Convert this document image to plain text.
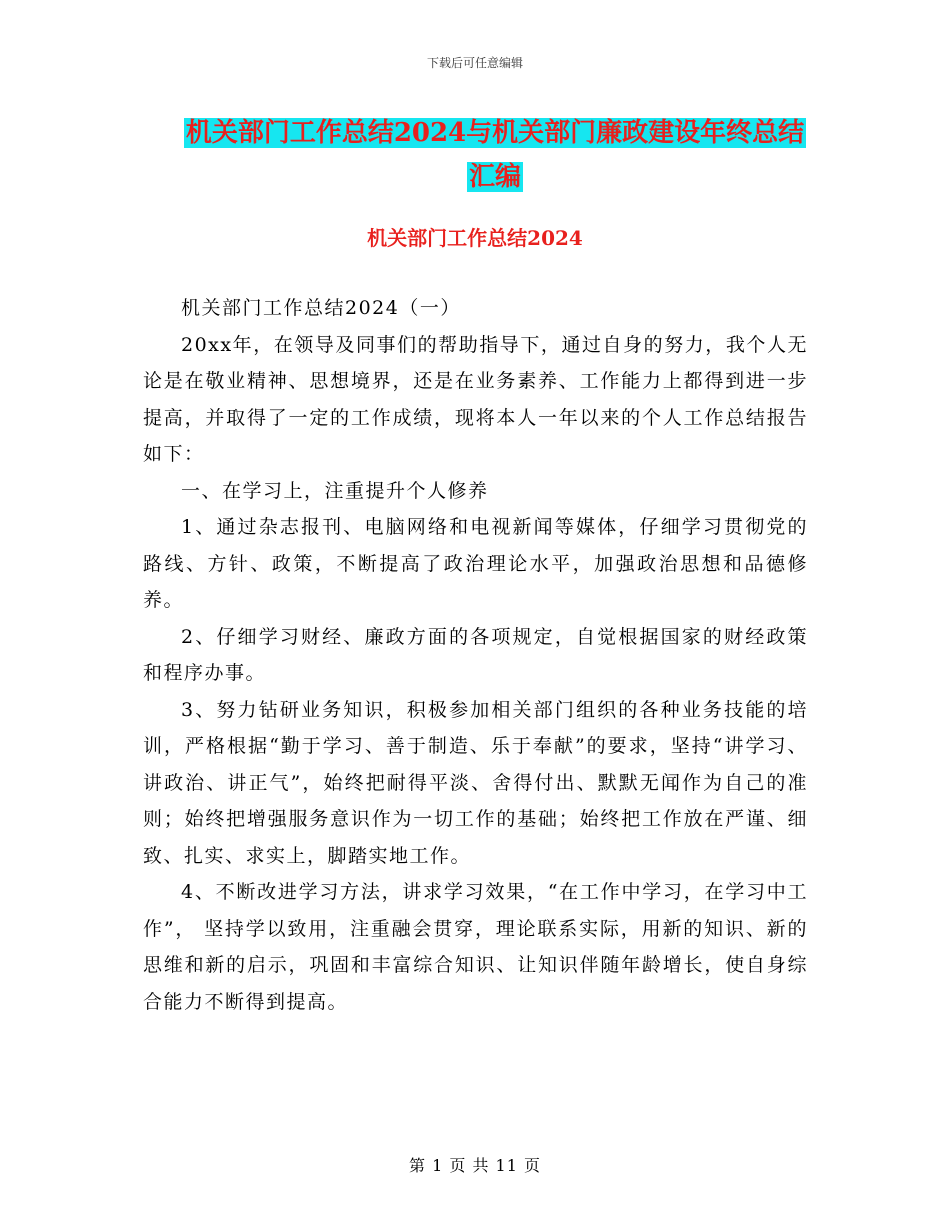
下载后可任意编辑
机关部门工作总结2024与机关部门廉政建设年终总结
汇编
机关部门工作总结2024

机关部门工作总结2024（一）

20xx年，在领导及同事们的帮助指导下，通过自身的努力，我个人无论是在敬业精神、思想境界，还是在业务素养、工作能力上都得到进一步提高，并取得了一定的工作成绩，现将本人一年以来的个人工作总结报告如下：

一、在学习上，注重提升个人修养

1、通过杂志报刊、电脑网络和电视新闻等媒体，仔细学习贯彻党的路线、方针、政策，不断提高了政治理论水平，加强政治思想和品德修养。

2、仔细学习财经、廉政方面的各项规定，自觉根据国家的财经政策和程序办事。

3、努力钻研业务知识，积极参加相关部门组织的各种业务技能的培训，严格根据“勤于学习、善于制造、乐于奉献”的要求，坚持“讲学习、讲政治、讲正气”，始终把耐得平淡、舍得付出、默默无闻作为自己的准则；始终把增强服务意识作为一切工作的基础；始终把工作放在严谨、细致、扎实、求实上，脚踏实地工作。

4、不断改进学习方法，讲求学习效果，“在工作中学习，在学习中工作”， 坚持学以致用，注重融会贯穿，理论联系实际，用新的知识、新的思维和新的启示，巩固和丰富综合知识、让知识伴随年龄增长，使自身综合能力不断得到提高。

第 1 页 共 11 页
